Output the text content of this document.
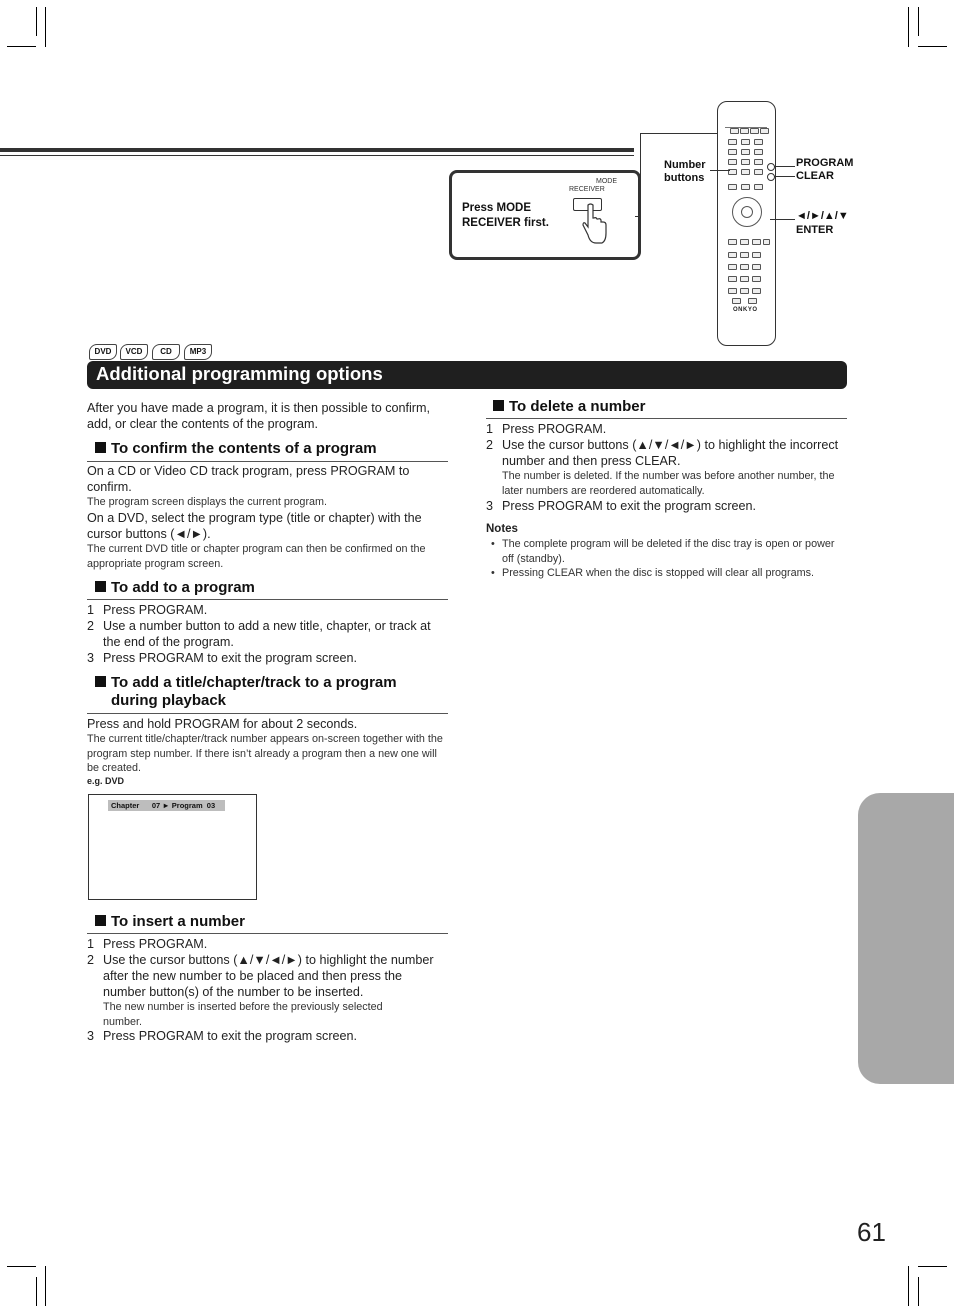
MODE
RECEIVER
Press MODE RECEIVER first.
ONKYO
Number buttons
PROGRAM CLEAR
◄/►/▲/▼
ENTER
DVD	VCD	CD	MP3
Additional programming options
After you have made a program, it is then possible to confirm, add, or clear the contents of the program.
To confirm the contents of a program
On a CD or Video CD track program, press PROGRAM to confirm.
The program screen displays the current program.
On a DVD, select the program type (title or chapter) with the cursor buttons (◄/►).
The current DVD title or chapter program can then be confirmed on the appropriate program screen.
To add to a program
1 Press PROGRAM.
2 Use a number button to add a new title, chapter, or track at the end of the program.
3 Press PROGRAM to exit the program screen.
To add a title/chapter/track to a program
during playback
Press and hold PROGRAM for about 2 seconds.
The current title/chapter/track number appears on-screen together with the program step number. If there isn’t already a program then a new one will be created.
e.g. DVD
Chapter      07 ► Program  03
To insert a number
1 Press PROGRAM.
2 Use the cursor buttons (▲/▼/◄/►) to highlight the number after the new number to be placed and then press the number button(s) of the number to be inserted.
The new number is inserted before the previously selected number.
3 Press PROGRAM to exit the program screen.
To delete a number
1 Press PROGRAM.
2 Use the cursor buttons (▲/▼/◄/►) to highlight the incorrect number and then press CLEAR.
The number is deleted. If the number was before another number, the later numbers are reordered automatically.
3 Press PROGRAM to exit the program screen.
Notes
• The complete program will be deleted if the disc tray is open or power off (standby).
• Pressing CLEAR when the disc is stopped will clear all programs.
61
